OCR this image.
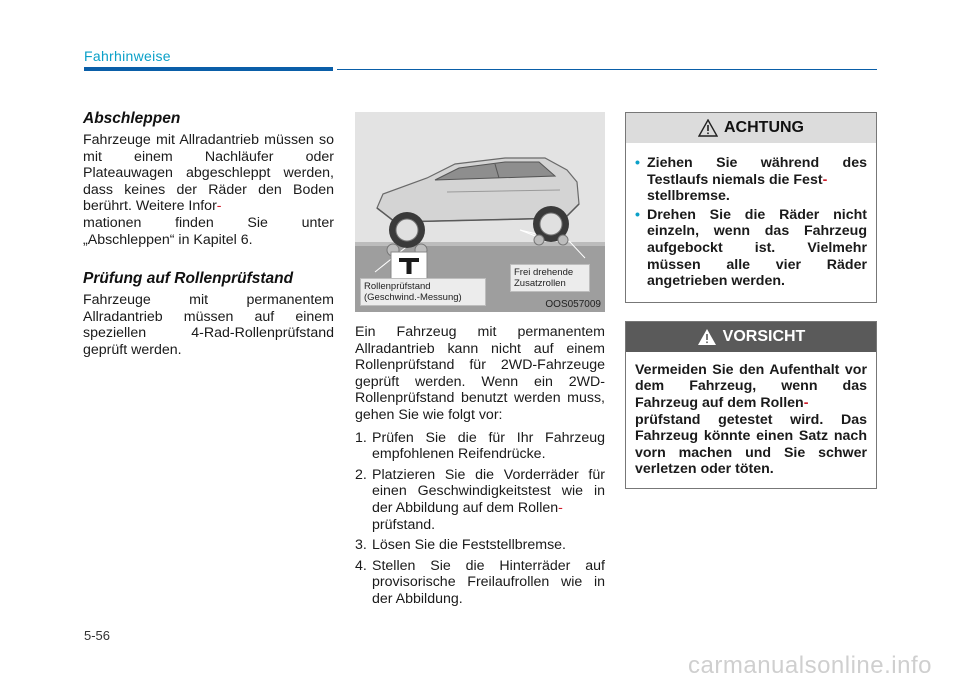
Fahrhinweise
Abschleppen

Fahrzeuge mit Allradantrieb müssen so mit einem Nachläufer oder Plateauwagen abgeschleppt werden, dass keines der Räder den Boden berührt. Weitere Infor-
mationen finden Sie unter „Abschleppen“ in Kapitel 6.

Prüfung auf Rollenprüfstand

Fahrzeuge mit permanentem Allradantrieb müssen auf einem speziellen 4-Rad-Rollenprüfstand geprüft werden.

Rollenprüfstand
(Geschwind.-Messung)
Frei drehende
Zusatzrollen
OOS057009

Ein Fahrzeug mit permanentem Allradantrieb kann nicht auf einem Rollenprüfstand für 2WD-Fahrzeuge geprüft werden. Wenn ein 2WD-Rollenprüfstand benutzt werden muss, gehen Sie wie folgt vor:

1. Prüfen Sie die für Ihr Fahrzeug empfohlenen Reifendrücke.
2. Platzieren Sie die Vorderräder für einen Geschwindigkeitstest wie in der Abbildung auf dem Rollen-
prüfstand.
3. Lösen Sie die Feststellbremse.
4. Stellen Sie die Hinterräder auf provisorische Freilaufrollen wie in der Abbildung.
ACHTUNG
• Ziehen Sie während des Testlaufs niemals die Fest-
stellbremse.
• Drehen Sie die Räder nicht einzeln, wenn das Fahrzeug aufgebockt ist. Vielmehr müssen alle vier Räder angetrieben werden.
VORSICHT

Vermeiden Sie den Aufenthalt vor dem Fahrzeug, wenn das Fahrzeug auf dem Rollen-
prüfstand getestet wird. Das Fahrzeug könnte einen Satz nach vorn machen und Sie schwer verletzen oder töten.

5-56
carmanualsonline.info
